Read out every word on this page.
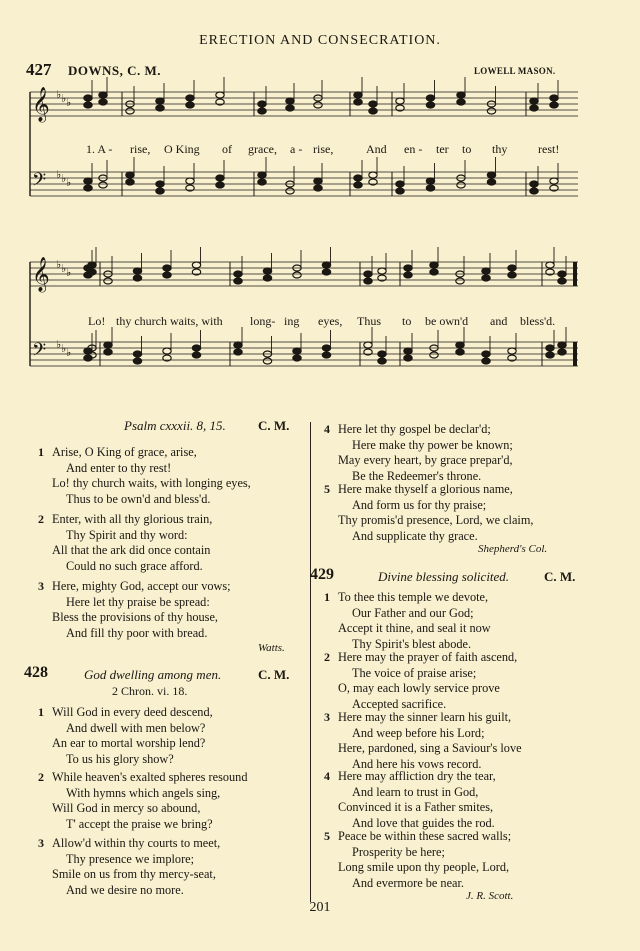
ERECTION AND CONSECRATION.
427 DOWNS, C. M.	LOWELL MASON.
𝄞 ♭ ♭ ♭
𝄢 ♭ ♭ ♭
1. A - rise, O King of grace, a - rise,	And en - ter to thy	rest!
𝄞 ♭ ♭ ♭
𝄢 ♭ ♭ ♭
Lo! thy church waits, with long- ing eyes, Thus to be own'd and bless'd.
Psalm cxxxii. 8, 15. C. M.
1 Arise, O King of grace, arise,
And enter to thy rest!
Lo! thy church waits, with longing eyes,
Thus to be own'd and bless'd.
2 Enter, with all thy glorious train,
Thy Spirit and thy word:
All that the ark did once contain
Could no such grace afford.
3 Here, mighty God, accept our vows;
Here let thy praise be spread:
Bless the provisions of thy house,
And fill thy poor with bread.
Watts.
428	God dwelling among men.	C. M.
2 Chron. vi. 18.
1 Will God in every deed descend,
And dwell with men below?
An ear to mortal worship lend?
To us his glory show?
2 While heaven's exalted spheres resound
With hymns which angels sing,
Will God in mercy so abound,
T' accept the praise we bring?
3 Allow'd within thy courts to meet,
Thy presence we implore;
Smile on us from thy mercy-seat,
And we desire no more.
4 Here let thy gospel be declar'd;
Here make thy power be known;
May every heart, by grace prepar'd,
Be the Redeemer's throne.
5 Here make thyself a glorious name,
And form us for thy praise;
Thy promis'd presence, Lord, we claim,
And supplicate thy grace.
Shepherd's Col.
429	Divine blessing solicited.	C. M.
1 To thee this temple we devote,
Our Father and our God;
Accept it thine, and seal it now
Thy Spirit's blest abode.
2 Here may the prayer of faith ascend,
The voice of praise arise;
O, may each lowly service prove
Accepted sacrifice.
3 Here may the sinner learn his guilt,
And weep before his Lord;
Here, pardoned, sing a Saviour's love
And here his vows record.
4 Here may affliction dry the tear,
And learn to trust in God,
Convinced it is a Father smites,
And love that guides the rod.
5 Peace be within these sacred walls;
Prosperity be here;
Long smile upon thy people, Lord,
And evermore be near.
J. R. Scott.
201
